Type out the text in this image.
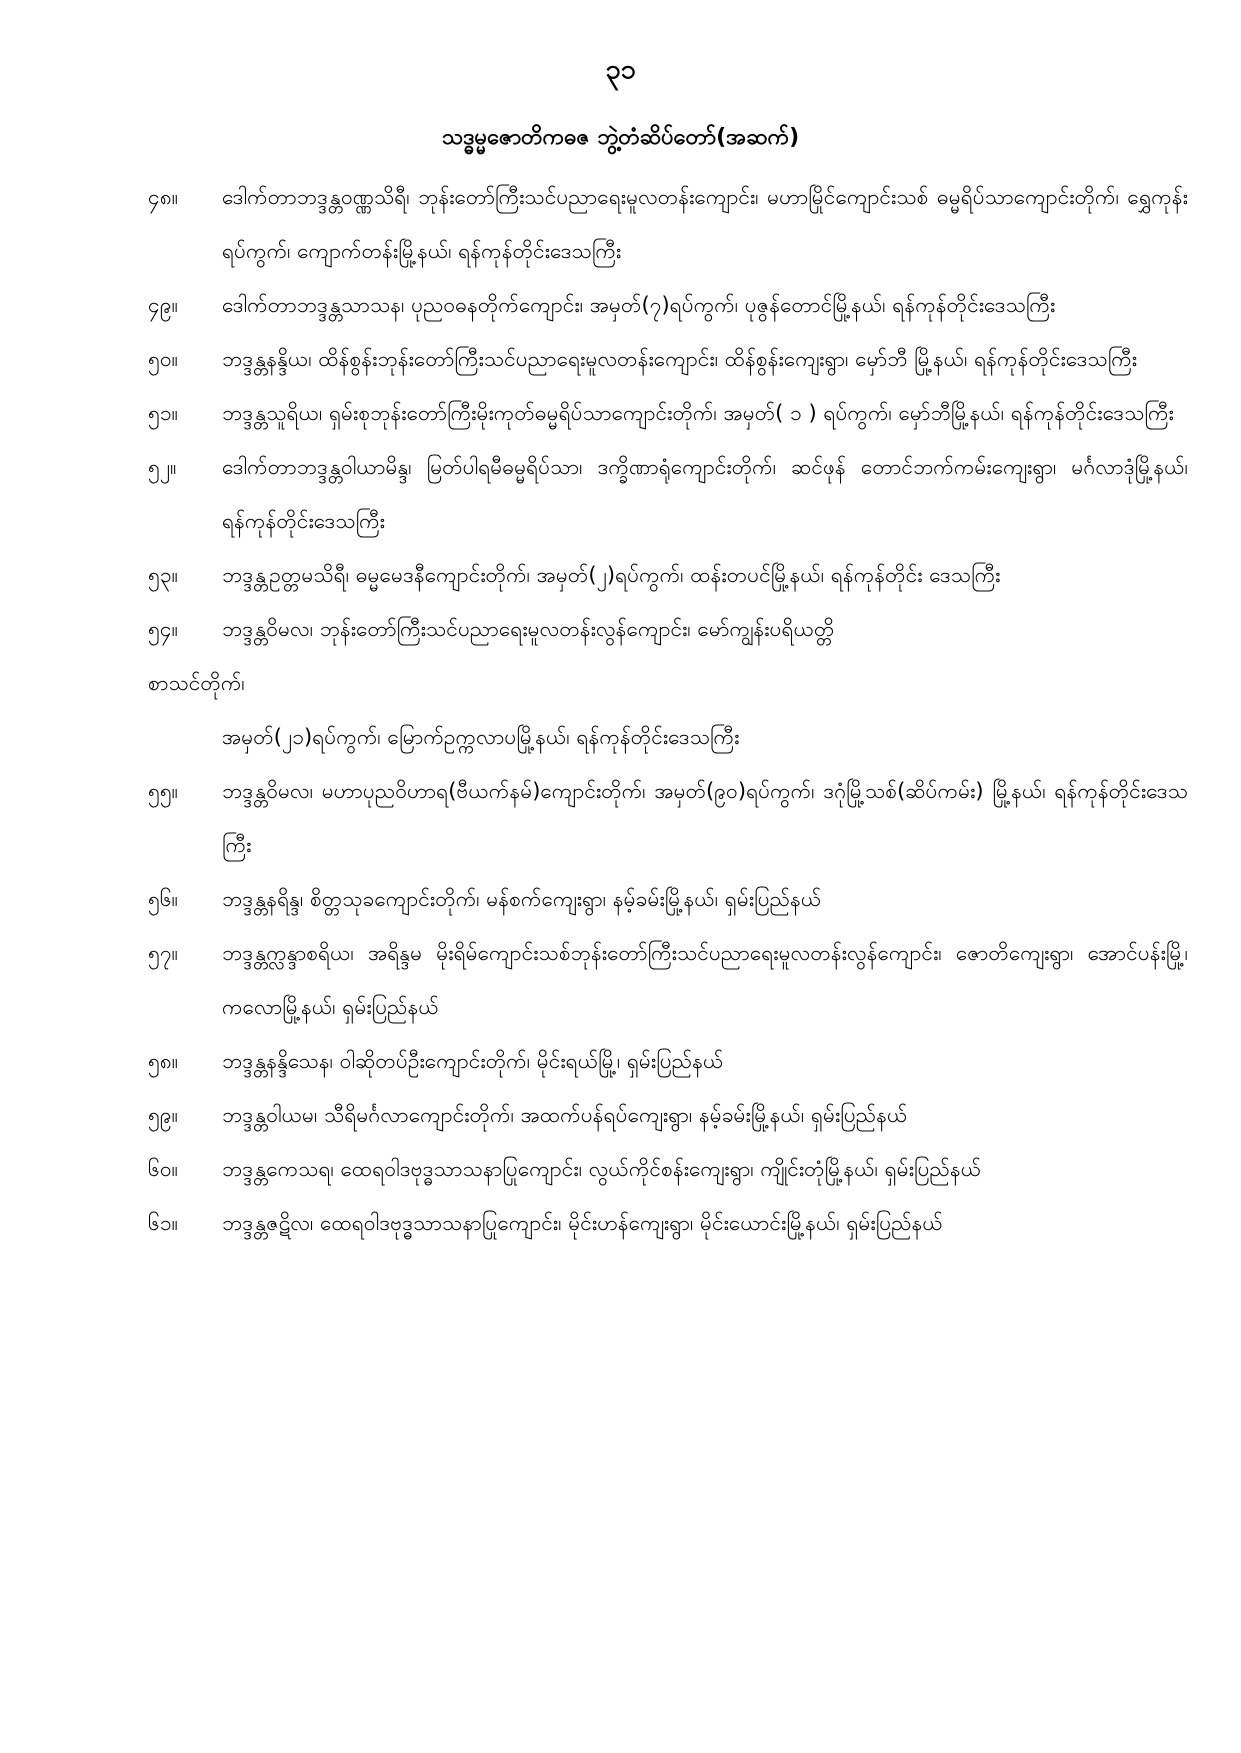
၃၁
သဒ္ဓမ္မဇောတိကဓဇ ဘွဲ့တံဆိပ်တော်(အဆက်)
၄၈။	ဒေါက်တာဘဒ္ဒန္တဝဏ္ဏသိရီ၊ ဘုန်းတော်ကြီးသင်ပညာရေးမူလတန်းကျောင်း၊ မဟာမြိုင်ကျောင်းသစ် ဓမ္မရိပ်သာကျောင်းတိုက်၊ ရွှေကုန်းရပ်ကွက်၊ ကျောက်တန်းမြို့နယ်၊ ရန်ကုန်တိုင်းဒေသကြီး
၄၉။	ဒေါက်တာဘဒ္ဒန္တသာသန၊ ပုညဝဓနတိုက်ကျောင်း၊ အမှတ်(၇)ရပ်ကွက်၊ ပုဇွန်တောင်မြို့နယ်၊ ရန်ကုန်တိုင်းဒေသကြီး
၅၀။	ဘဒ္ဒန္တနန္ဒိယ၊ ထိန်စွန်းဘုန်းတော်ကြီးသင်ပညာရေးမူလတန်းကျောင်း၊ ထိန်စွန်းကျေးရွာ၊ မှော်ဘီ မြို့နယ်၊ ရန်ကုန်တိုင်းဒေသကြီး
၅၁။	ဘဒ္ဒန္တသူရိယ၊ ရှမ်းစုဘုန်းတော်ကြီးမိုးကုတ်ဓမ္မရိပ်သာကျောင်းတိုက်၊ အမှတ်( ၁ ) ရပ်ကွက်၊ မှော်ဘီမြို့နယ်၊ ရန်ကုန်တိုင်းဒေသကြီး
၅၂။	ဒေါက်တာဘဒ္ဒန္တဝါယာမိန္ဒ၊ မြတ်ပါရမီဓမ္မရိပ်သာ၊ ဒက္ခိဏာရုံကျောင်းတိုက်၊ ဆင်ဖုန် တောင်ဘက်ကမ်းကျေးရွာ၊ မင်္ဂလာဒုံမြို့နယ်၊ ရန်ကုန်တိုင်းဒေသကြီး
၅၃။	ဘဒ္ဒန္တဥတ္တမသိရီ၊ ဓမ္မမေဒနီကျောင်းတိုက်၊ အမှတ်(၂)ရပ်ကွက်၊ ထန်းတပင်မြို့နယ်၊ ရန်ကုန်တိုင်း ဒေသကြီး
၅၄။	ဘဒ္ဒန္တဝိမလ၊ ဘုန်းတော်ကြီးသင်ပညာရေးမူလတန်းလွန်ကျောင်း၊ မော်ကျွန်းပရိယတ္တိ
စာသင်တိုက်၊
အမှတ်(၂၁)ရပ်ကွက်၊ မြောက်ဥက္ကလာပမြို့နယ်၊ ရန်ကုန်တိုင်းဒေသကြီး
၅၅။	ဘဒ္ဒန္တဝိမလ၊ မဟာပုညဝိဟာရ(ဗီယက်နမ်)ကျောင်းတိုက်၊ အမှတ်(၉၀)ရပ်ကွက်၊ ဒဂုံမြို့သစ်(ဆိပ်ကမ်း) မြို့နယ်၊ ရန်ကုန်တိုင်းဒေသကြီး
၅၆။	ဘဒ္ဒန္တနရိန္ဒ၊ စိတ္တသုခကျောင်းတိုက်၊ မန်စက်ကျေးရွာ၊ နမ့်ခမ်းမြို့နယ်၊ ရှမ်းပြည်နယ်
၅၇။	ဘဒ္ဒန္တက္လန္ဒာစရိယ၊ အရိန္ဒမ မိုးရိမ်ကျောင်းသစ်ဘုန်းတော်ကြီးသင်ပညာရေးမူလတန်းလွန်ကျောင်း၊ ဇောတိကျေးရွာ၊ အောင်ပန်းမြို့၊ ကလောမြို့နယ်၊ ရှမ်းပြည်နယ်
၅၈။	ဘဒ္ဒန္တနန္ဒိသေန၊ ဝါဆိုတပ်ဦးကျောင်းတိုက်၊ မိုင်းရယ်မြို့၊ ရှမ်းပြည်နယ်
၅၉။	ဘဒ္ဒန္တဝါယမ၊ သီရိမင်္ဂလာကျောင်းတိုက်၊ အထက်ပန်ရပ်ကျေးရွာ၊ နမ့်ခမ်းမြို့နယ်၊ ရှမ်းပြည်နယ်
၆၀။	ဘဒ္ဒန္တကေသရ၊ ထေရဝါဒဗုဒ္ဓသာသနာပြုကျောင်း၊ လွယ်ကိုင်စန်းကျေးရွာ၊ ကျိုင်းတုံမြို့နယ်၊ ရှမ်းပြည်နယ်
၆၁။	ဘဒ္ဒန္တဇဋိလ၊ ထေရဝါဒဗုဒ္ဓသာသနာပြုကျောင်း၊ မိုင်းဟန်ကျေးရွာ၊ မိုင်းယောင်းမြို့နယ်၊ ရှမ်းပြည်နယ်
